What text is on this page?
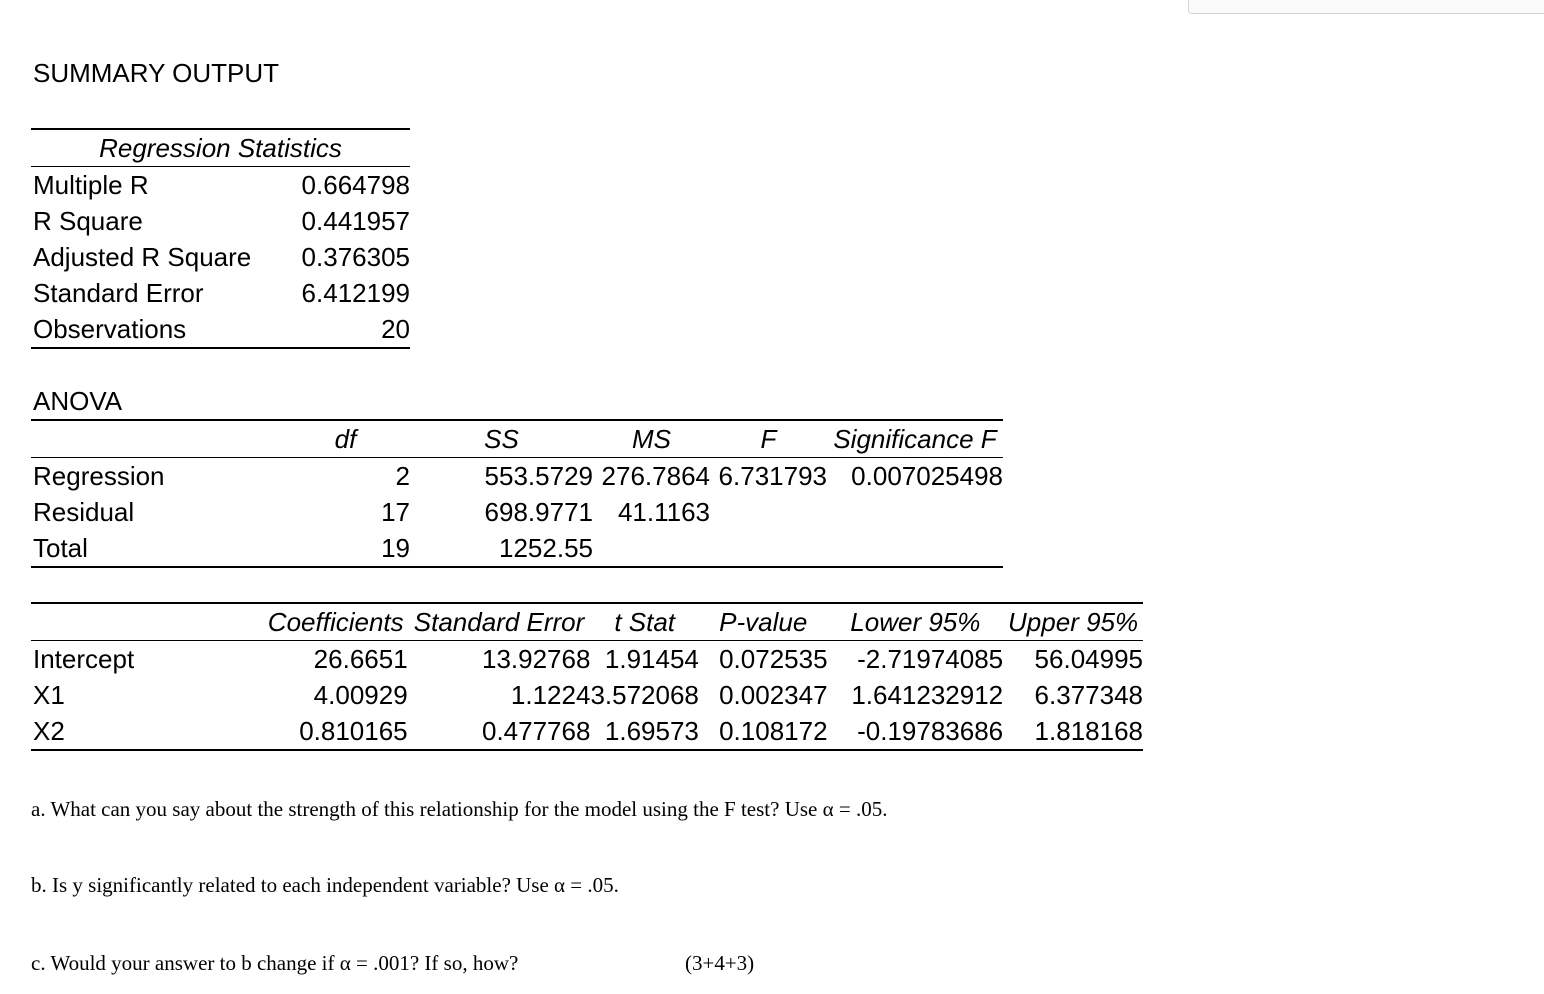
SUMMARY OUTPUT
Regression Statistics	
Multiple R	0.664798
R Square	0.441957
Adjusted R Square	0.376305
Standard Error	6.412199
Observations	20
ANOVA
	df	SS	MS	F	Significance F
Regression	2	553.5729	276.7864	6.731793	0.007025498
Residual	17	698.9771	41.1163		
Total	19	1252.55			
	Coefficients	Standard Error	t Stat	P-value	Lower 95%	Upper 95%
Intercept	26.6651	13.92768	1.91454	0.072535	-2.71974085	56.04995
X1	4.00929	1.1224	3.572068	0.002347	1.641232912	6.377348
X2	0.810165	0.477768	1.69573	0.108172	-0.19783686	1.818168
a. What can you say about the strength of this relationship for the model using the F test? Use α = .05.
b. Is y significantly related to each independent variable? Use α = .05.
c. Would your answer to b change if α = .001? If so, how?	(3+4+3)
